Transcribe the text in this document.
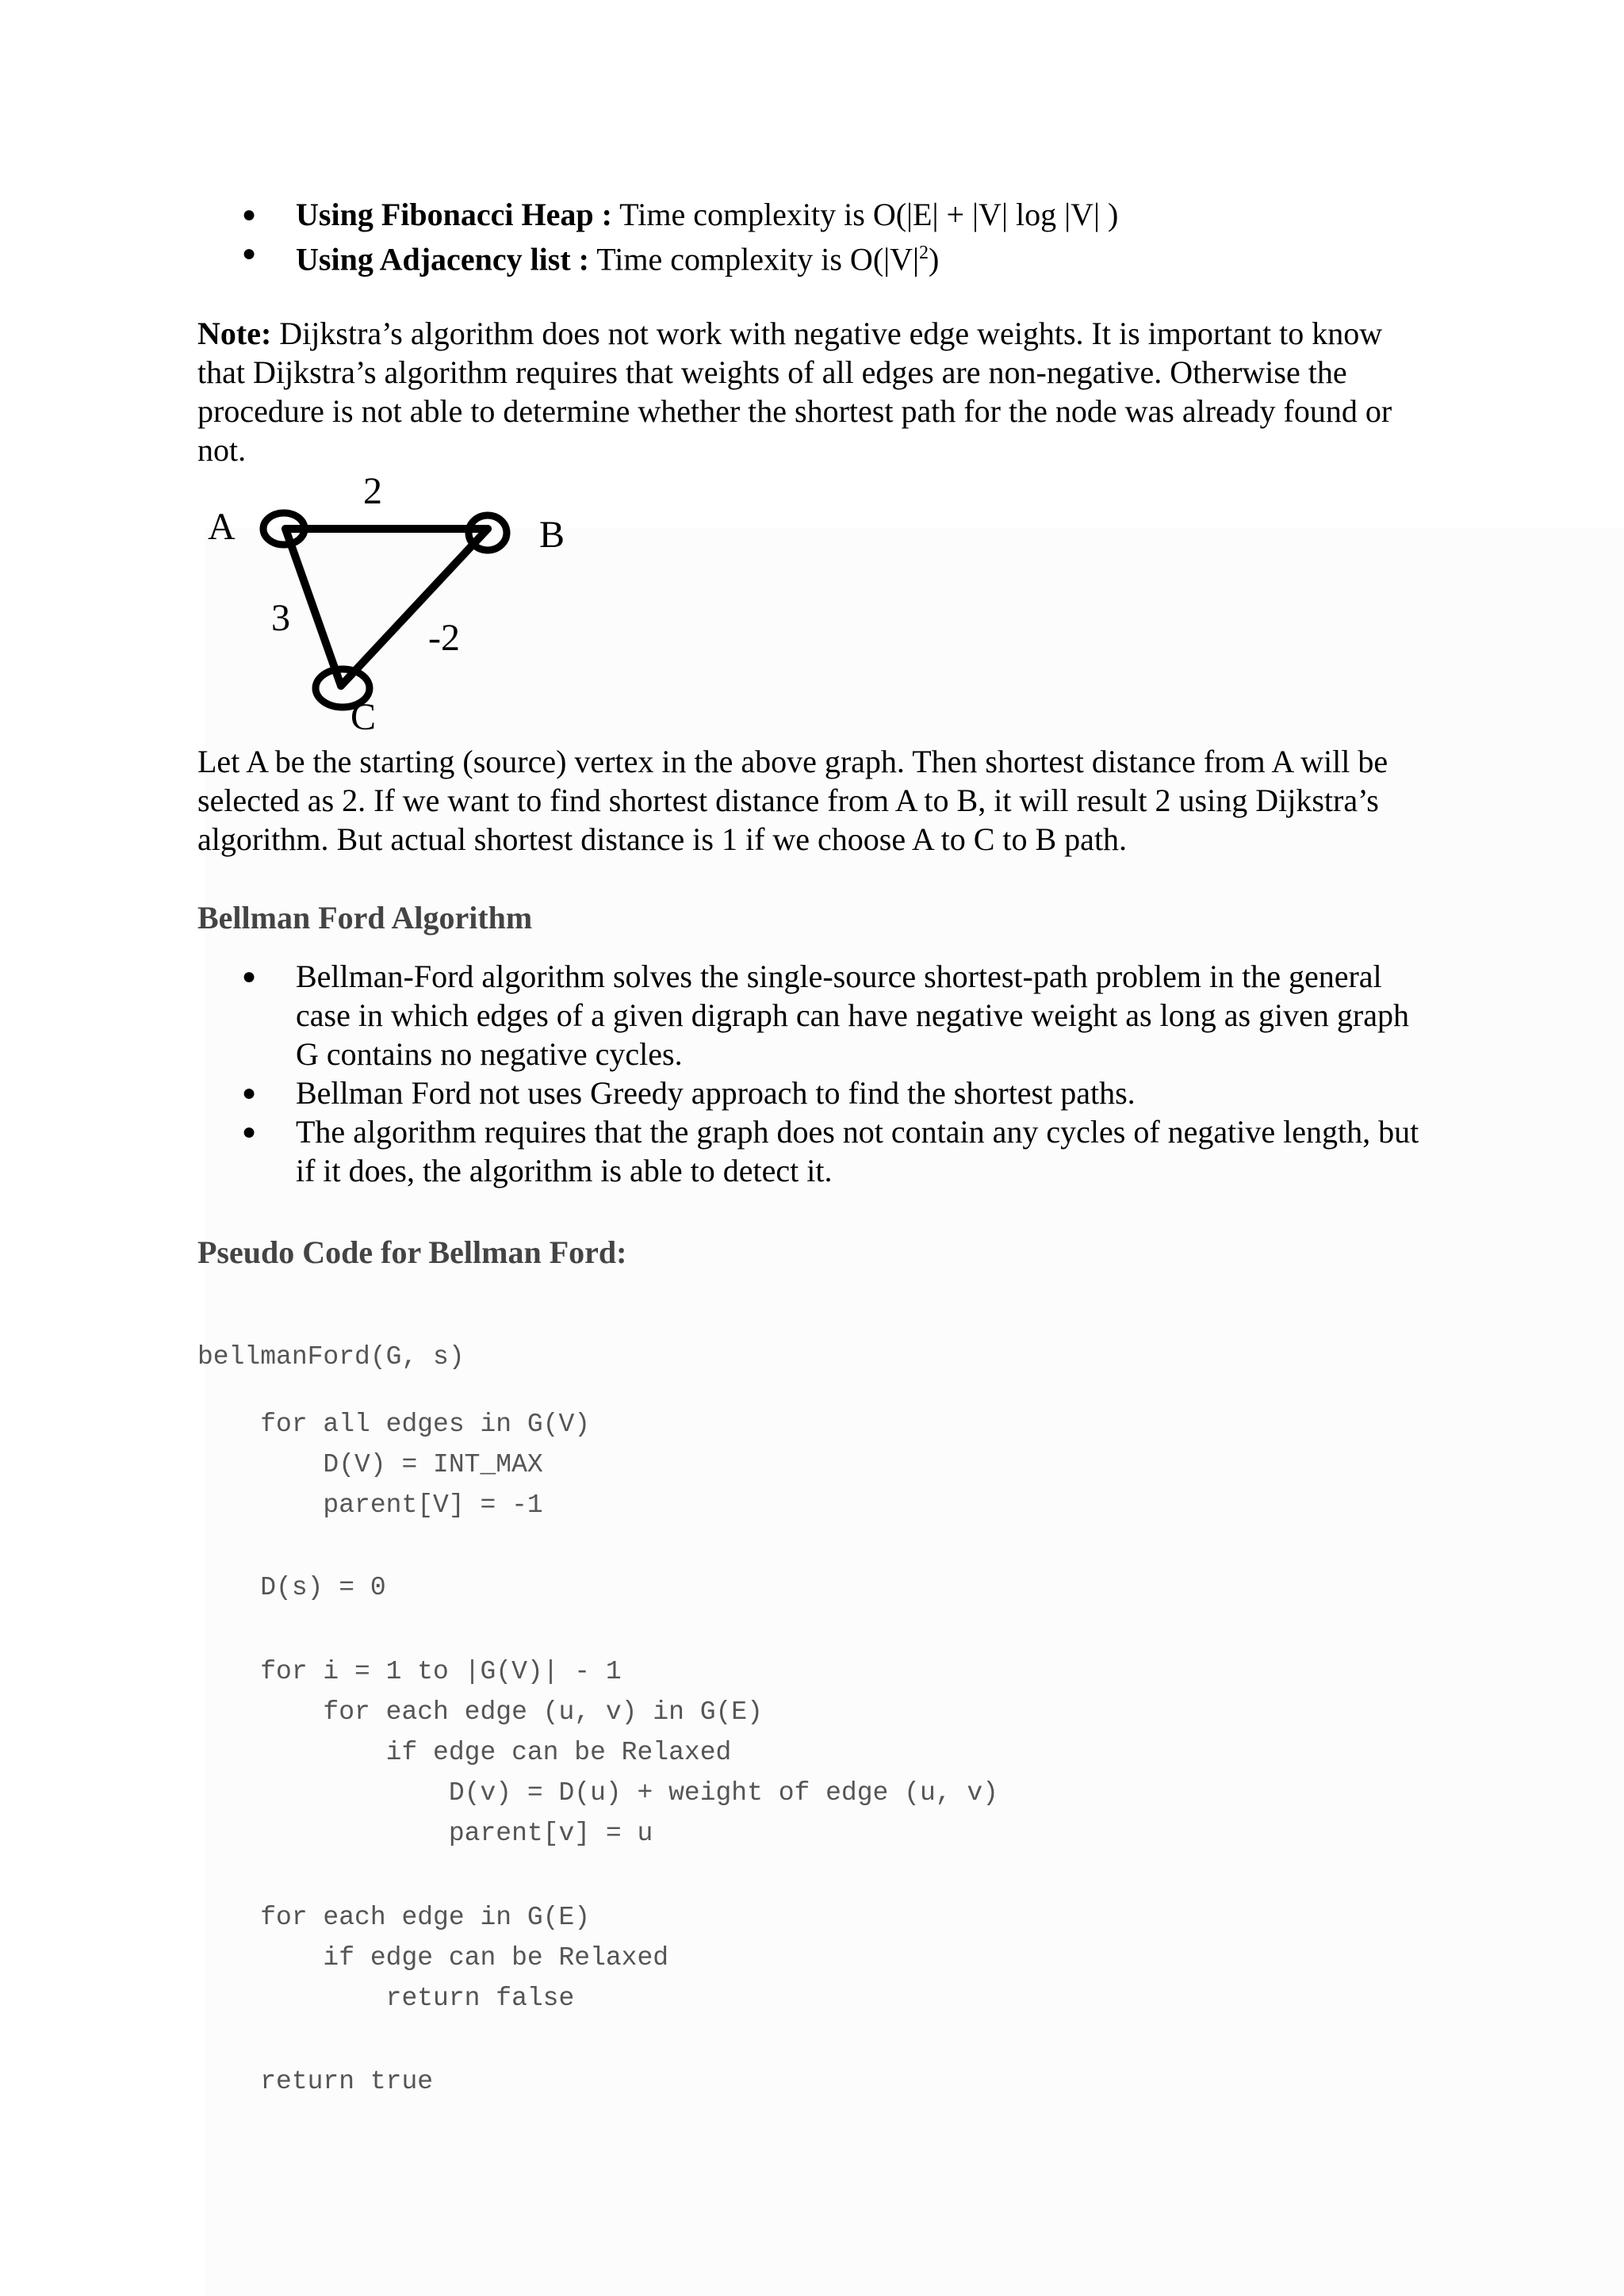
● Using Fibonacci Heap : Time complexity is O(|E| + |V| log |V| )
● Using Adjacency list : Time complexity is $O(|V|^2)$

Note: Dijkstra’s algorithm does not work with negative edge weights. It is important to know that Dijkstra’s algorithm requires that weights of all edges are non-negative. Otherwise the procedure is not able to determine whether the shortest path for the node was already found or not.

A	B
C
2
3	-2

Let A be the starting (source) vertex in the above graph. Then shortest distance from A will be selected as 2. If we want to find shortest distance from A to B, it will result 2 using Dijkstra’s algorithm. But actual shortest distance is 1 if we choose A to C to B path.

Bellman Ford Algorithm
● Bellman-Ford algorithm solves the single-source shortest-path problem in the general case in which edges of a given digraph can have negative weight as long as given graph G contains no negative cycles.
● Bellman Ford not uses Greedy approach to find the shortest paths.
● The algorithm requires that the graph does not contain any cycles of negative length, but if it does, the algorithm is able to detect it.
Pseudo Code for Bellman Ford:
bellmanFord(G, s)
for all edges in G(V)
D(V) = INT_MAX
parent[V] = -1
D(s) = 0
for i = 1 to |G(V)| - 1
for each edge (u, v) in G(E)
if edge can be Relaxed
D(v) = D(u) + weight of edge (u, v)
parent[v] = u
for each edge in G(E)
if edge can be Relaxed
return false
return true
